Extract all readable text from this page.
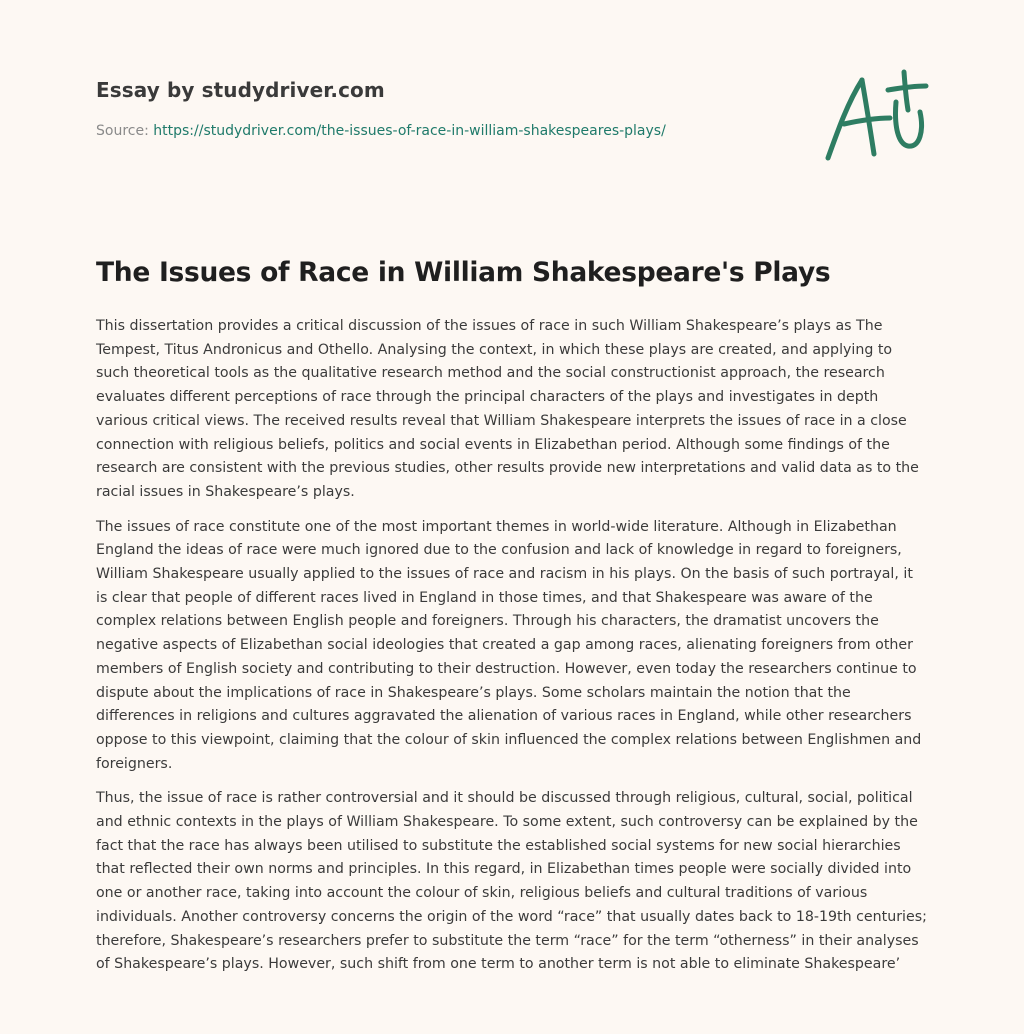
Essay by studydriver.com
Source: https://studydriver.com/the-issues-of-race-in-william-shakespeares-plays/
The Issues of Race in William Shakespeare's Plays

This dissertation provides a critical discussion of the issues of race in such William Shakespeare’s plays as The Tempest, Titus Andronicus and Othello. Analysing the context, in which these plays are created, and applying to such theoretical tools as the qualitative research method and the social constructionist approach, the research evaluates different perceptions of race through the principal characters of the plays and investigates in depth various critical views. The received results reveal that William Shakespeare interprets the issues of race in a close connection with religious beliefs, politics and social events in Elizabethan period. Although some findings of the research are consistent with the previous studies, other results provide new interpretations and valid data as to the racial issues in Shakespeare’s plays.

The issues of race constitute one of the most important themes in world-wide literature. Although in Elizabethan England the ideas of race were much ignored due to the confusion and lack of knowledge in regard to foreigners, William Shakespeare usually applied to the issues of race and racism in his plays. On the basis of such portrayal, it is clear that people of different races lived in England in those times, and that Shakespeare was aware of the complex relations between English people and foreigners. Through his characters, the dramatist uncovers the negative aspects of Elizabethan social ideologies that created a gap among races, alienating foreigners from other members of English society and contributing to their destruction. However, even today the researchers continue to dispute about the implications of race in Shakespeare’s plays. Some scholars maintain the notion that the differences in religions and cultures aggravated the alienation of various races in England, while other researchers oppose to this viewpoint, claiming that the colour of skin influenced the complex relations between Englishmen and foreigners.

Thus, the issue of race is rather controversial and it should be discussed through religious, cultural, social, political and ethnic contexts in the plays of William Shakespeare. To some extent, such controversy can be explained by the fact that the race has always been utilised to substitute the established social systems for new social hierarchies that reflected their own norms and principles. In this regard, in Elizabethan times people were socially divided into one or another race, taking into account the colour of skin, religious beliefs and cultural traditions of various individuals. Another controversy concerns the origin of the word “race” that usually dates back to 18-19th centuries; therefore, Shakespeare’s researchers prefer to substitute the term “race” for the term “otherness” in their analyses of Shakespeare’s plays. However, such shift from one term to another term is not able to eliminate Shakespeare’
